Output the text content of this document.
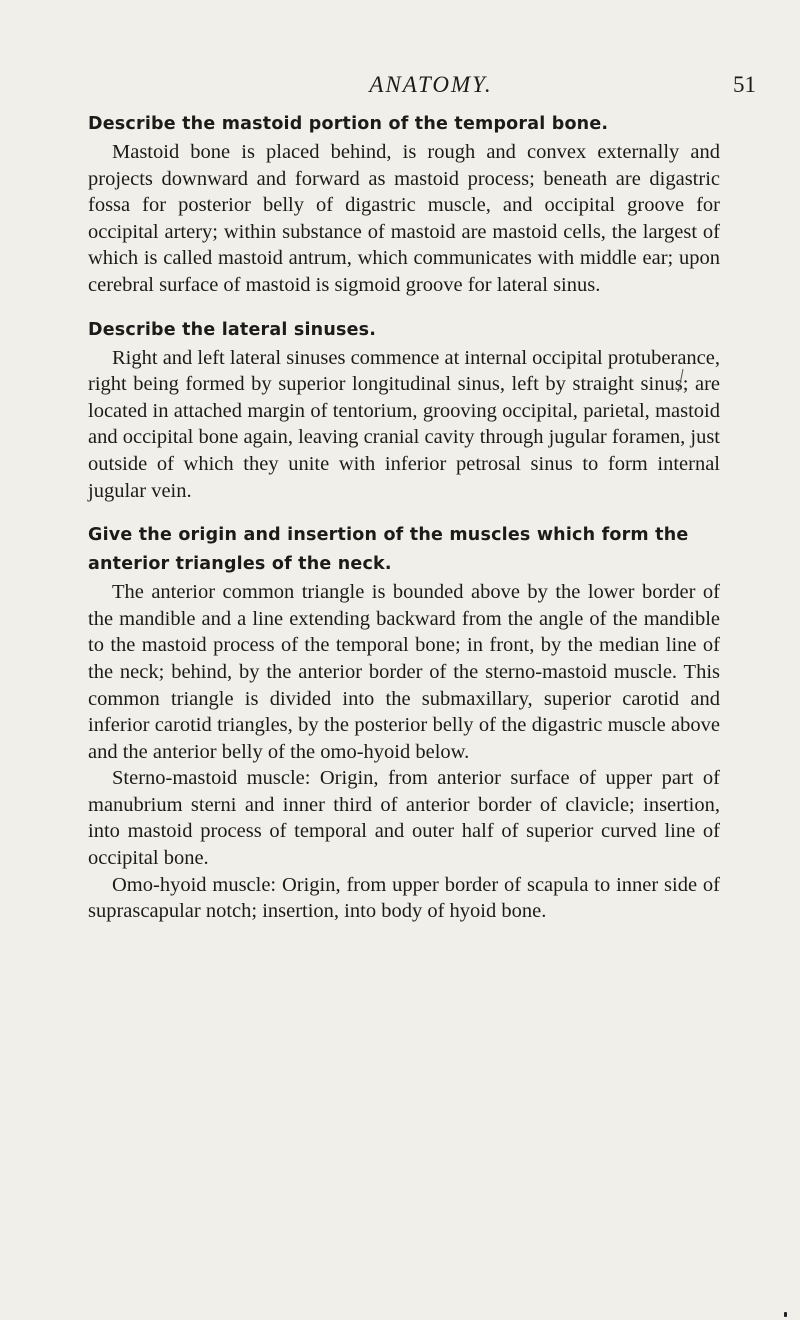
ANATOMY.	51

Describe the mastoid portion of the temporal bone.

Mastoid bone is placed behind, is rough and convex externally and projects downward and forward as mastoid process; beneath are digastric fossa for posterior belly of digastric muscle, and occipital groove for occipital artery; within substance of mastoid are mastoid cells, the largest of which is called mastoid antrum, which communicates with middle ear; upon cerebral surface of mastoid is sigmoid groove for lateral sinus.

Describe the lateral sinuses.

Right and left lateral sinuses commence at internal occipital protuberance, right being formed by superior longitudinal sinus, left by straight sinus; are located in attached margin of tentorium, grooving occipital, parietal, mastoid and occipital bone again, leaving cranial cavity through jugular foramen, just outside of which they unite with inferior petrosal sinus to form internal jugular vein.

Give the origin and insertion of the muscles which form the anterior triangles of the neck.

The anterior common triangle is bounded above by the lower border of the mandible and a line extending backward from the angle of the mandible to the mastoid process of the temporal bone; in front, by the median line of the neck; behind, by the anterior border of the sterno-mastoid muscle. This common triangle is divided into the submaxillary, superior carotid and inferior carotid triangles, by the posterior belly of the digastric muscle above and the anterior belly of the omo-hyoid below.

Sterno-mastoid muscle: Origin, from anterior surface of upper part of manubrium sterni and inner third of anterior border of clavicle; insertion, into mastoid process of temporal and outer half of superior curved line of occipital bone.

Omo-hyoid muscle: Origin, from upper border of scapula to inner side of suprascapular notch; insertion, into body of hyoid bone.
